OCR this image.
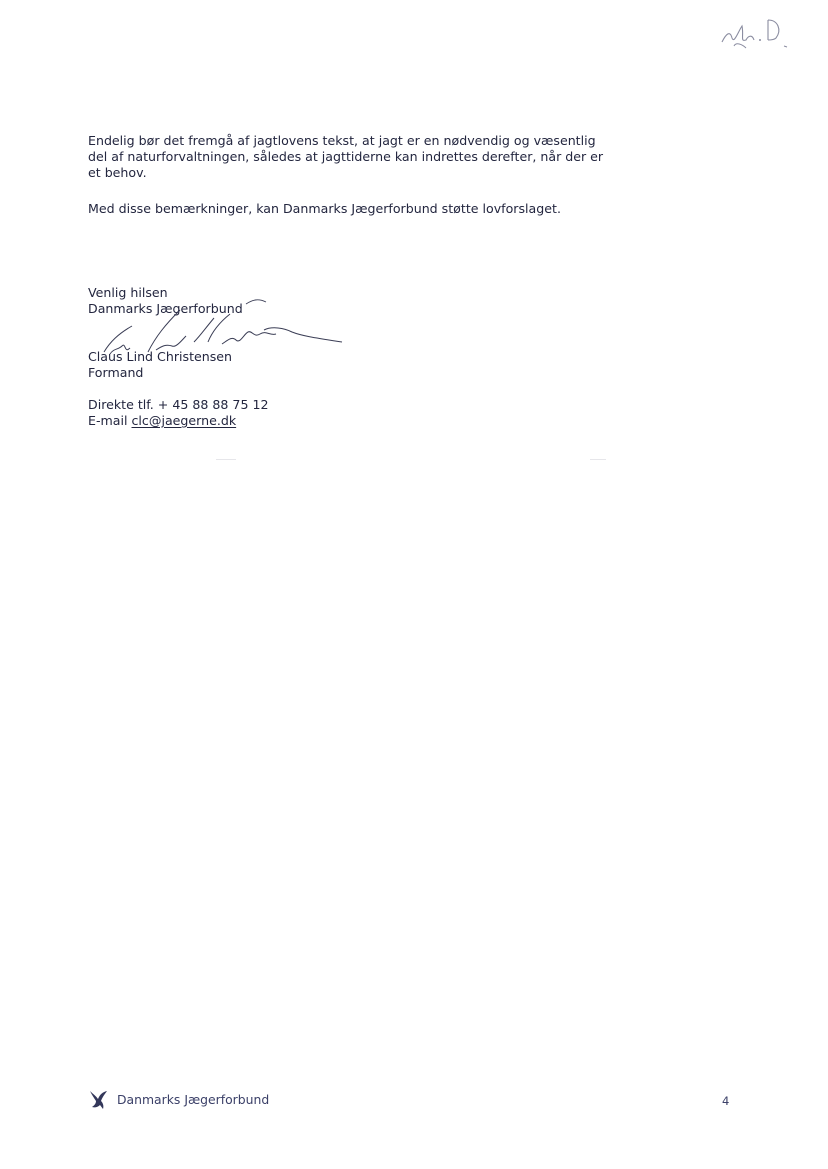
Endelig bør det fremgå af jagtlovens tekst, at jagt er en nødvendig og væsentlig
del af naturforvaltningen, således at jagttiderne kan indrettes derefter, når der er
et behov.

Med disse bemærkninger, kan Danmarks Jægerforbund støtte lovforslaget.

Venlig hilsen

Danmarks Jægerforbund

Claus Lind Christensen

Formand

Direkte tlf. + 45 88 88 75 12

E-mail clc@jaegerne.dk

Danmarks Jægerforbund	4
